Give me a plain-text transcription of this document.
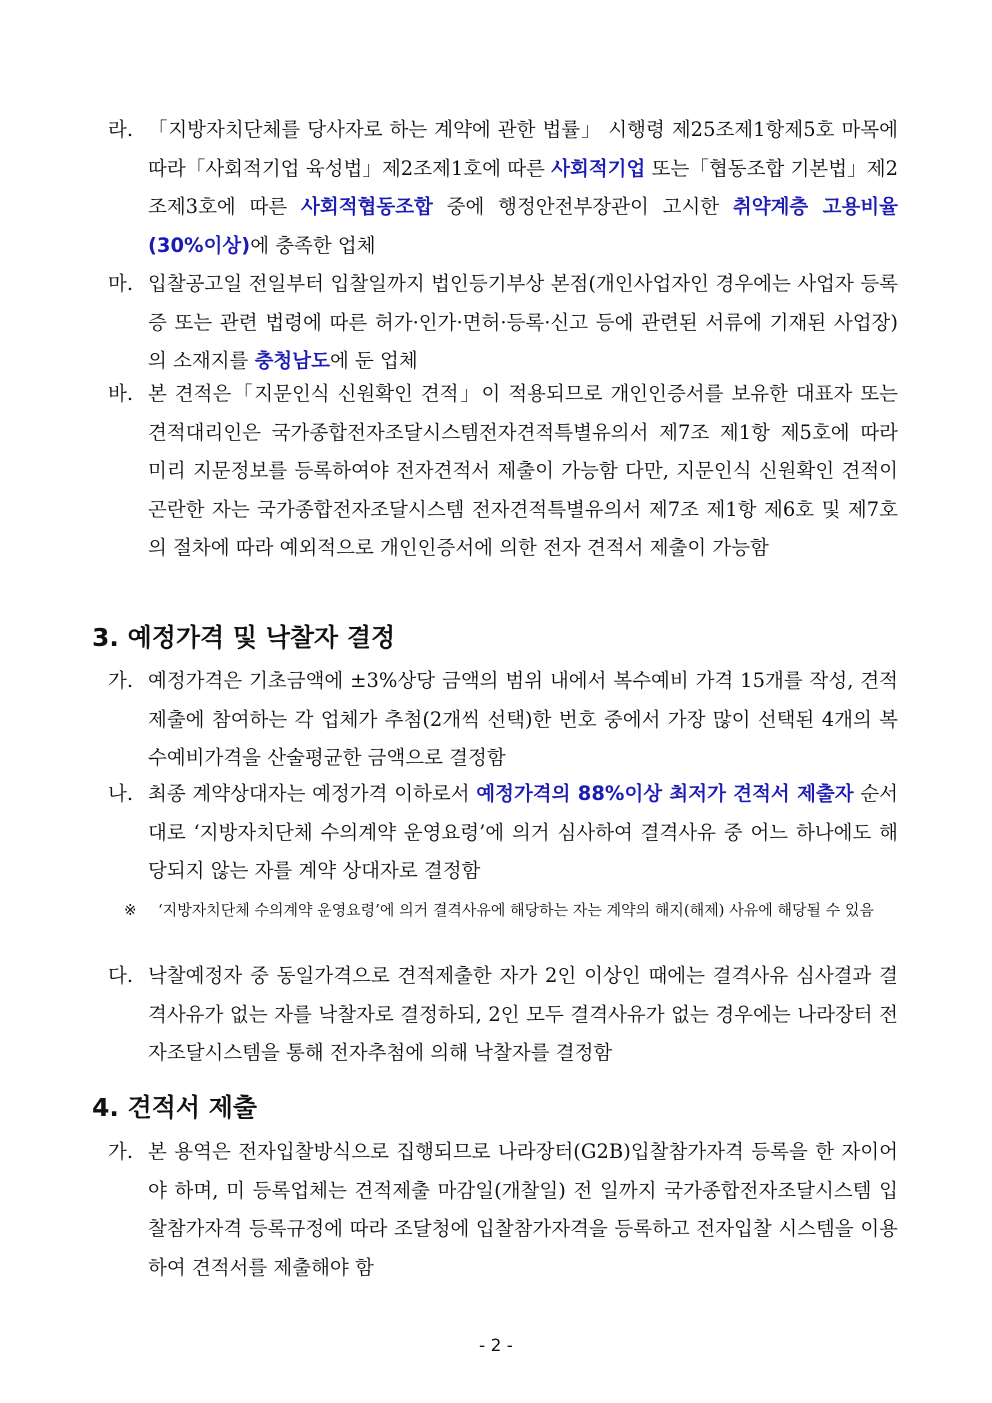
라. 「지방자치단체를 당사자로 하는 계약에 관한 법률」 시행령 제25조제1항제5호 마목에 따라「사회적기업 육성법」제2조제1호에 따른 사회적기업 또는「협동조합 기본법」제2조제3호에 따른 사회적협동조합 중에 행정안전부장관이 고시한 취약계층 고용비율(30%이상)에 충족한 업체
마. 입찰공고일 전일부터 입찰일까지 법인등기부상 본점(개인사업자인 경우에는 사업자 등록증 또는 관련 법령에 따른 허가·인가·면허·등록·신고 등에 관련된 서류에 기재된 사업장)의 소재지를 충청남도에 둔 업체
바. 본 견적은「지문인식 신원확인 견적」이 적용되므로 개인인증서를 보유한 대표자 또는 견적대리인은 국가종합전자조달시스템전자견적특별유의서 제7조 제1항 제5호에 따라 미리 지문정보를 등록하여야 전자견적서 제출이 가능함 다만, 지문인식 신원확인 견적이 곤란한 자는 국가종합전자조달시스템 전자견적특별유의서 제7조 제1항 제6호 및 제7호의 절차에 따라 예외적으로 개인인증서에 의한 전자 견적서 제출이 가능함
3. 예정가격 및 낙찰자 결정
가. 예정가격은 기초금액에 ±3%상당 금액의 범위 내에서 복수예비 가격 15개를 작성, 견적제출에 참여하는 각 업체가 추첨(2개씩 선택)한 번호 중에서 가장 많이 선택된 4개의 복수예비가격을 산술평균한 금액으로 결정함
나. 최종 계약상대자는 예정가격 이하로서 예정가격의 88%이상 최저가 견적서 제출자 순서대로 ‘지방자치단체 수의계약 운영요령’에 의거 심사하여 결격사유 중 어느 하나에도 해당되지 않는 자를 계약 상대자로 결정함
※ ‘지방자치단체 수의계약 운영요령’에 의거 결격사유에 해당하는 자는 계약의 해지(해제) 사유에 해당될 수 있음
다. 낙찰예정자 중 동일가격으로 견적제출한 자가 2인 이상인 때에는 결격사유 심사결과 결격사유가 없는 자를 낙찰자로 결정하되, 2인 모두 결격사유가 없는 경우에는 나라장터 전자조달시스템을 통해 전자추첨에 의해 낙찰자를 결정함
4. 견적서 제출
가. 본 용역은 전자입찰방식으로 집행되므로 나라장터(G2B)입찰참가자격 등록을 한 자이어야 하며, 미 등록업체는 견적제출 마감일(개찰일) 전 일까지 국가종합전자조달시스템 입찰참가자격 등록규정에 따라 조달청에 입찰참가자격을 등록하고 전자입찰 시스템을 이용하여 견적서를 제출해야 함
- 2 -
